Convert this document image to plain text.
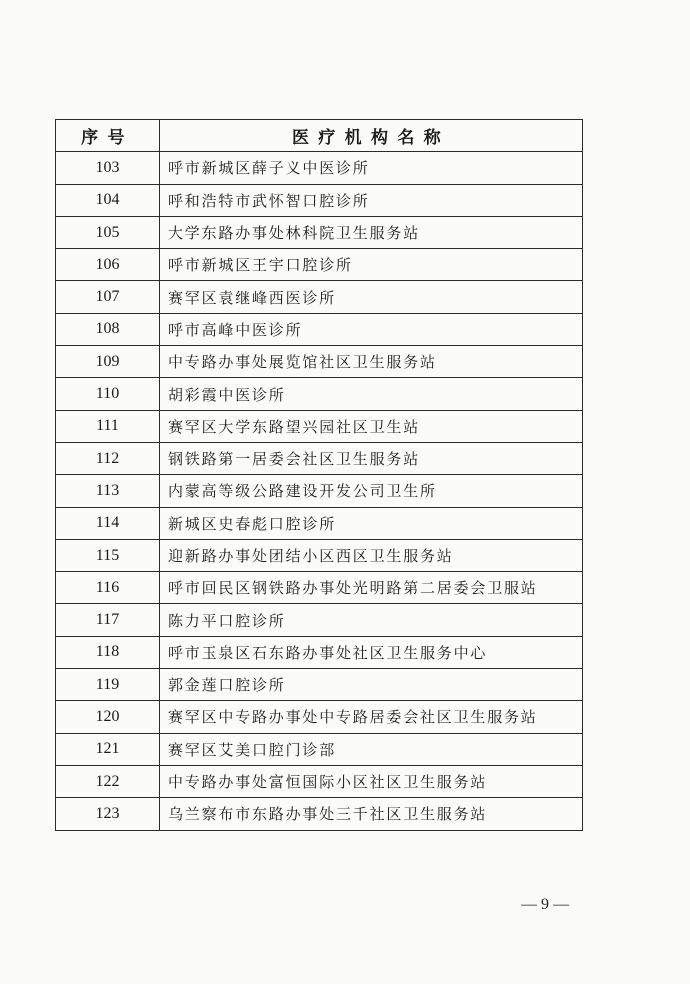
序号	医疗机构名称
103	呼市新城区薛子义中医诊所
104	呼和浩特市武怀智口腔诊所
105	大学东路办事处林科院卫生服务站
106	呼市新城区王宇口腔诊所
107	赛罕区袁继峰西医诊所
108	呼市高峰中医诊所
109	中专路办事处展览馆社区卫生服务站
110	胡彩霞中医诊所
111	赛罕区大学东路望兴园社区卫生站
112	钢铁路第一居委会社区卫生服务站
113	内蒙高等级公路建设开发公司卫生所
114	新城区史春彪口腔诊所
115	迎新路办事处团结小区西区卫生服务站
116	呼市回民区钢铁路办事处光明路第二居委会卫服站
117	陈力平口腔诊所
118	呼市玉泉区石东路办事处社区卫生服务中心
119	郭金莲口腔诊所
120	赛罕区中专路办事处中专路居委会社区卫生服务站
121	赛罕区艾美口腔门诊部
122	中专路办事处富恒国际小区社区卫生服务站
123	乌兰察布市东路办事处三千社区卫生服务站
— 9 —
